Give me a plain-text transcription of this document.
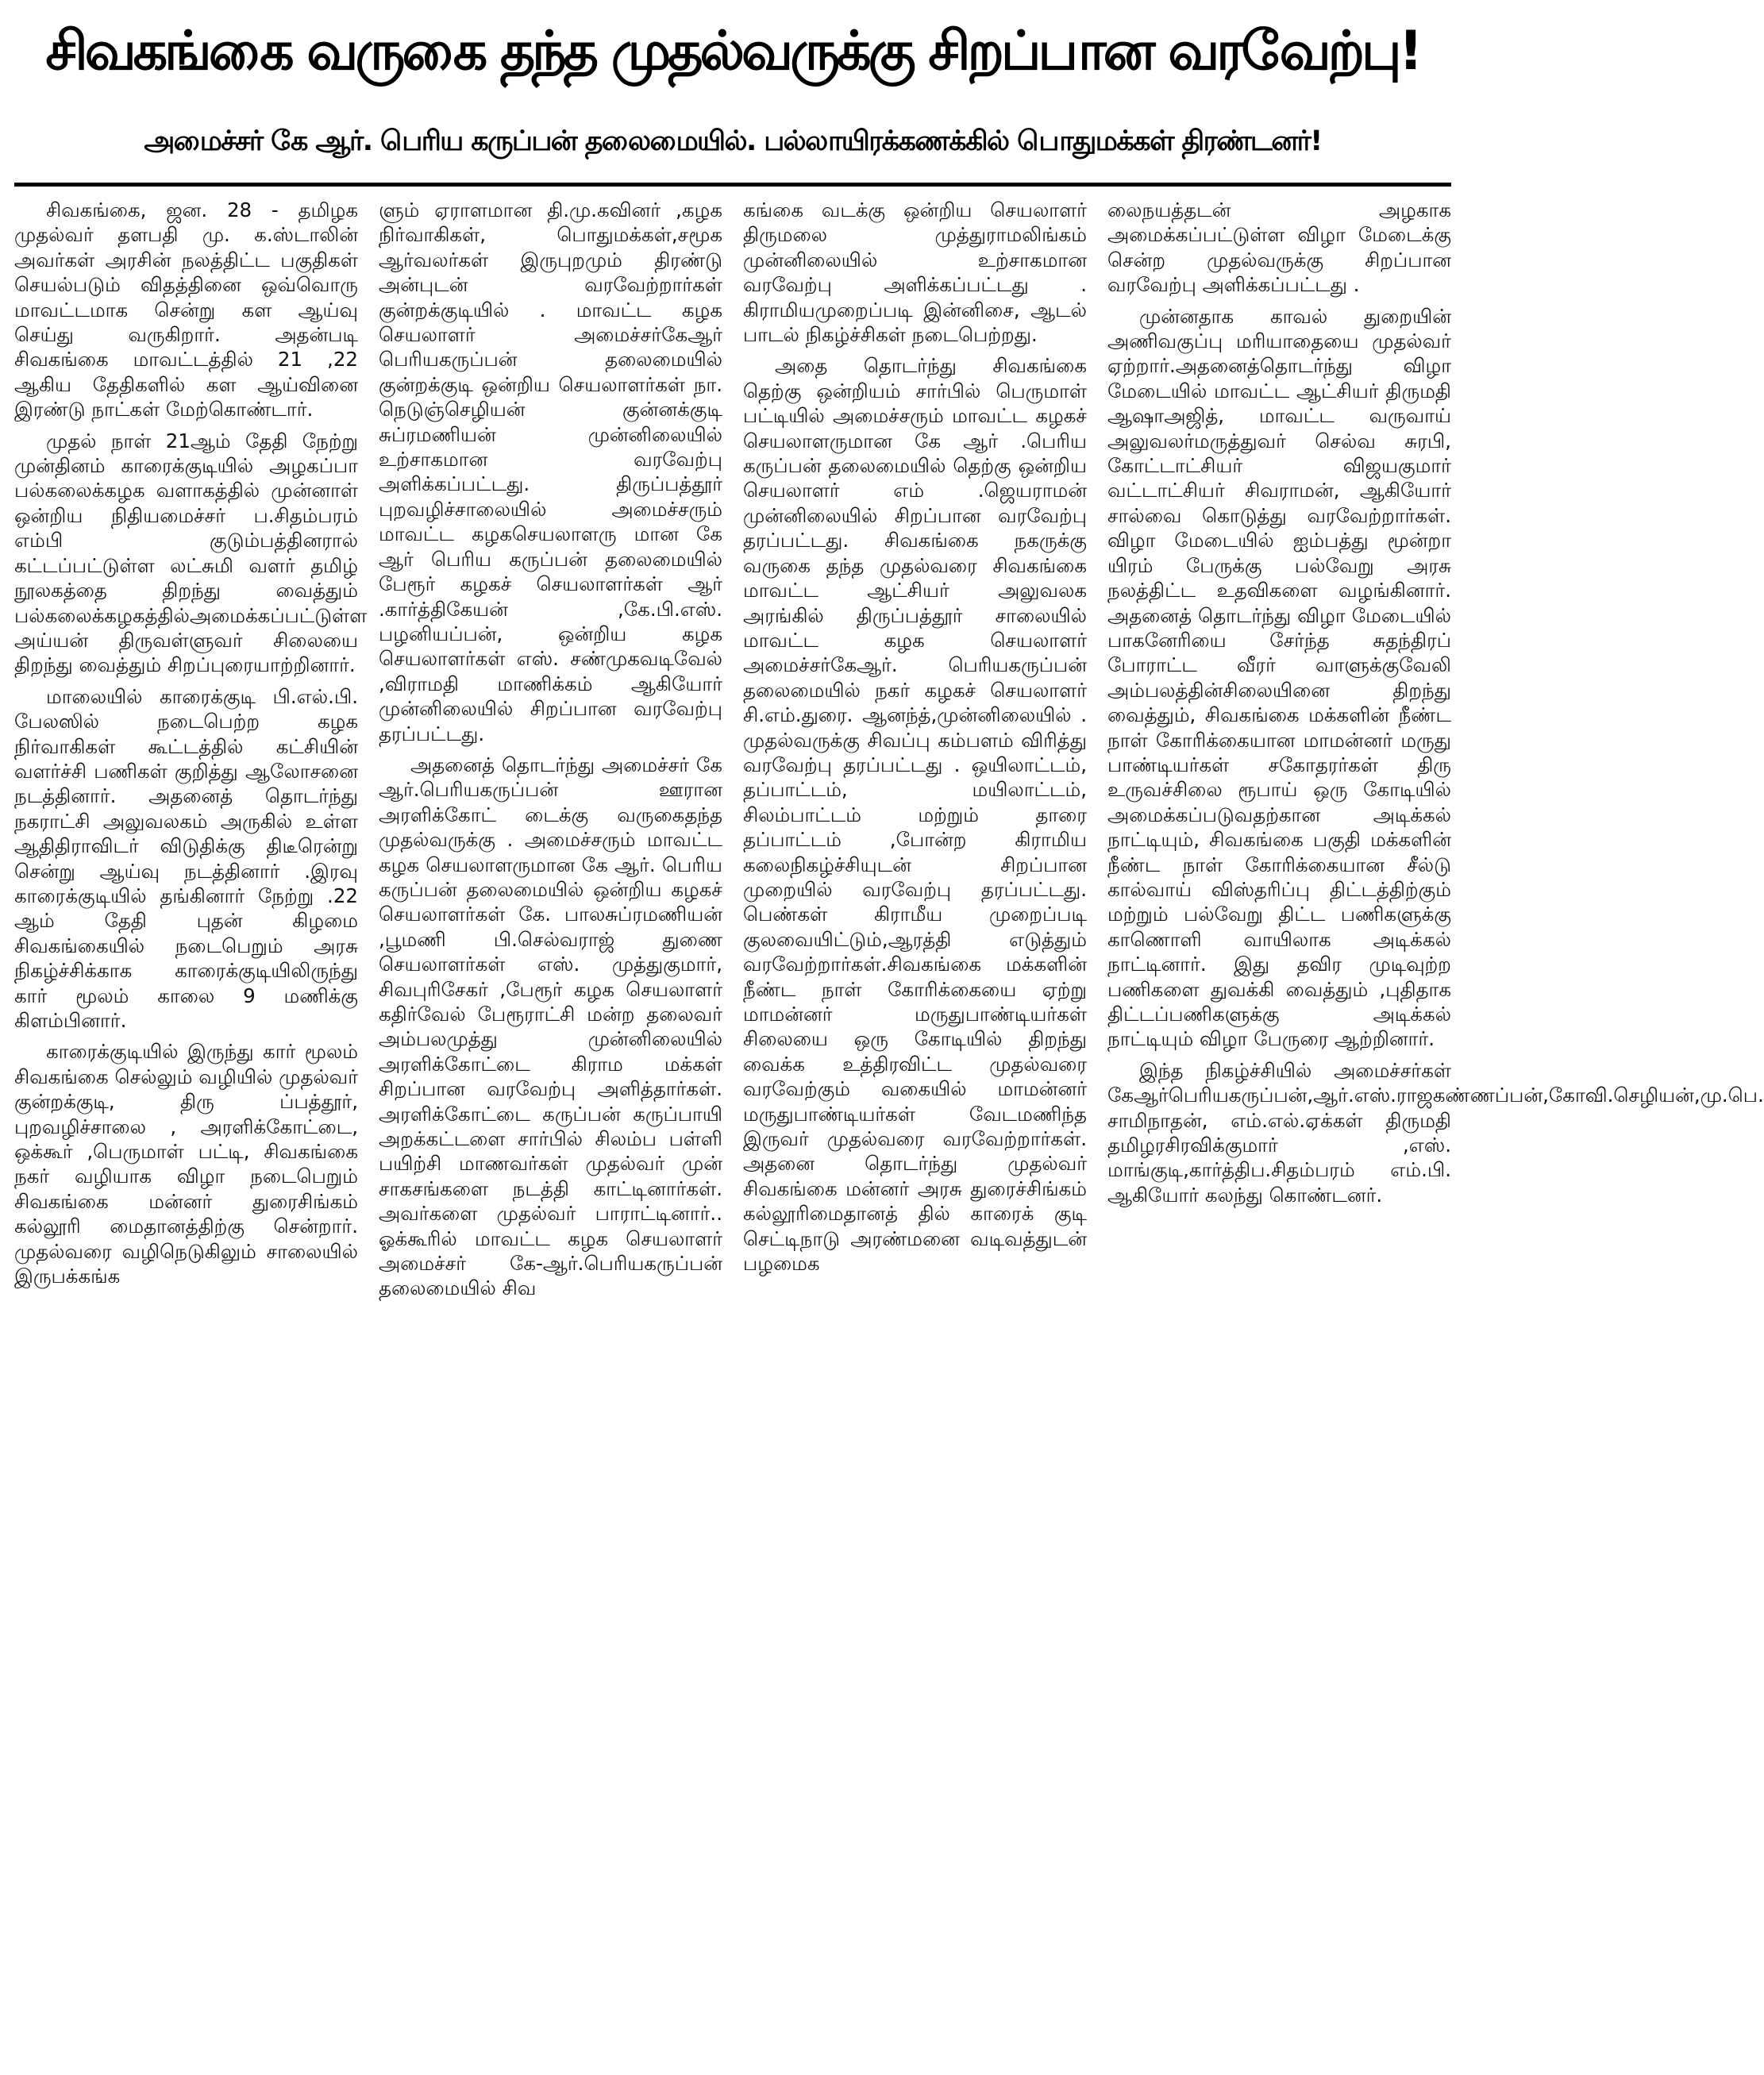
சிவகங்கை வருகை தந்த முதல்வருக்கு சிறப்பான வரவேற்பு!
அமைச்சர் கே ஆர். பெரிய கருப்பன் தலைமையில். பல்லாயிரக்கணக்கில் பொதுமக்கள் திரண்டனர்!

சிவகங்கை, ஜன. 28 - தமிழக முதல்வர் தளபதி மு. க.ஸ்டாலின் அவர்கள் அரசின் நலத்திட்ட பகுதிகள் செயல்படும் விதத்தினை ஒவ்வொரு மாவட்டமாக சென்று கள ஆய்வு செய்து வருகிறார். அதன்படி சிவகங்கை மாவட்டத்தில் 21 ,22 ஆகிய தேதிகளில் கள ஆய்வினை இரண்டு நாட்கள் மேற்கொண்டார்.

முதல் நாள் 21ஆம் தேதி நேற்று முன்தினம் காரைக்குடியில் அழகப்பா பல்கலைக்கழக வளாகத்தில் முன்னாள் ஒன்றிய நிதியமைச்சர் ப.சிதம்பரம் எம்பி குடும்பத்தினரால் கட்டப்பட்டுள்ள லட்சுமி வளர் தமிழ் நூலகத்தை திறந்து வைத்தும் பல்கலைக்கழகத்தில்அமைக்கப்பட்டுள்ள அய்யன் திருவள்ளுவர் சிலையை திறந்து வைத்தும் சிறப்புரையாற்றினார்.

மாலையில் காரைக்குடி பி.எல்.பி. பேலஸில் நடைபெற்ற கழக நிர்வாகிகள் கூட்டத்தில் கட்சியின் வளர்ச்சி பணிகள் குறித்து ஆலோசனை நடத்தினார். அதனைத் தொடர்ந்து நகராட்சி அலுவலகம் அருகில் உள்ள ஆதிதிராவிடர் விடுதிக்கு திடீரென்று சென்று ஆய்வு நடத்தினார் .இரவு காரைக்குடியில் தங்கினார் நேற்று .22 ஆம் தேதி புதன் கிழமை சிவகங்கையில் நடைபெறும் அரசு நிகழ்ச்சிக்காக காரைக்குடியிலிருந்து கார் மூலம் காலை 9 மணிக்கு கிளம்பினார்.

காரைக்குடியில் இருந்து கார் மூலம் சிவகங்கை செல்லும் வழியில் முதல்வர் குன்றக்குடி, திரு ப்பத்தூர், புறவழிச்சாலை , அரளிக்கோட்டை, ஒக்கூர் ,பெருமாள் பட்டி, சிவகங்கை நகர் வழியாக விழா நடைபெறும் சிவகங்கை மன்னர் துரைசிங்கம் கல்லூரி மைதானத்திற்கு சென்றார். முதல்வரை வழிநெடுகிலும் சாலையில் இருபக்கங்க

ளும் ஏராளமான தி.மு.கவினர் ,கழக நிர்வாகிகள், பொதுமக்கள்,சமூக ஆர்வலர்கள் இருபுறமும் திரண்டு அன்புடன் வரவேற்றார்கள் குன்றக்குடியில் . மாவட்ட கழக செயலாளர் அமைச்சர்கேஆர் பெரியகருப்பன் தலைமையில் குன்றக்குடி ஒன்றிய செயலாளர்கள் நா. நெடுஞ்செழியன் குன்னக்குடி சுப்ரமணியன் முன்னிலையில் உற்சாகமான வரவேற்பு அளிக்கப்பட்டது. திருப்பத்தூர் புறவழிச்சாலையில் அமைச்சரும் மாவட்ட கழகசெயலாளரு மான கே ஆர் பெரிய கருப்பன் தலைமையில் பேரூர் கழகச் செயலாளர்கள் ஆர் .கார்த்திகேயன் ,கே.பி.எஸ். பழனியப்பன், ஒன்றிய கழக செயலாளர்கள் எஸ். சண்முகவடிவேல் ,விராமதி மாணிக்கம் ஆகியோர் முன்னிலையில் சிறப்பான வரவேற்பு தரப்பட்டது.

அதனைத் தொடர்ந்து அமைச்சர் கே ஆர்.பெரியகருப்பன் ஊரான அரளிக்கோட் டைக்கு வருகைதந்த முதல்வருக்கு . அமைச்சரும் மாவட்ட கழக செயலாளருமான கே ஆர். பெரிய கருப்பன் தலைமையில் ஒன்றிய கழகச் செயலாளர்கள் கே. பாலசுப்ரமணியன் ,பூமணி பி.செல்வராஜ் துணை செயலாளர்கள் எஸ். முத்துகுமார், சிவபுரிசேகர் ,பேரூர் கழக செயலாளர் கதிர்வேல் பேரூராட்சி மன்ற தலைவர் அம்பலமுத்து முன்னிலையில் அரளிக்கோட்டை கிராம மக்கள் சிறப்பான வரவேற்பு அளித்தார்கள். அரளிக்கோட்டை கருப்பன் கருப்பாயி அறக்கட்டளை சார்பில் சிலம்ப பள்ளி பயிற்சி மாணவர்கள் முதல்வர் முன் சாகசங்களை நடத்தி காட்டினார்கள். அவர்களை முதல்வர் பாராட்டினார்.. ஓக்கூரில் மாவட்ட கழக செயலாளர் அமைச்சர் கே-ஆர்.பெரியகருப்பன் தலைமையில் சிவ

கங்கை வடக்கு ஒன்றிய செயலாளர் திருமலை முத்துராமலிங்கம் முன்னிலையில் உற்சாகமான வரவேற்பு அளிக்கப்பட்டது . கிராமியமுறைப்படி இன்னிசை, ஆடல் பாடல் நிகழ்ச்சிகள் நடைபெற்றது.

அதை தொடர்ந்து சிவகங்கை தெற்கு ஒன்றியம் சார்பில் பெருமாள் பட்டியில் அமைச்சரும் மாவட்ட கழகச் செயலாளருமான கே ஆர் .பெரிய கருப்பன் தலைமையில் தெற்கு ஒன்றிய செயலாளர் எம் .ஜெயராமன் முன்னிலையில் சிறப்பான வரவேற்பு தரப்பட்டது. சிவகங்கை நகருக்கு வருகை தந்த முதல்வரை சிவகங்கை மாவட்ட ஆட்சியர் அலுவலக அரங்கில் திருப்பத்தூர் சாலையில் மாவட்ட கழக செயலாளர் அமைச்சர்கேஆர். பெரியகருப்பன் தலைமையில் நகர் கழகச் செயலாளர் சி.எம்.துரை. ஆனந்த்,முன்னிலையில் . முதல்வருக்கு சிவப்பு கம்பளம் விரித்து வரவேற்பு தரப்பட்டது . ஒயிலாட்டம், தப்பாட்டம், மயிலாட்டம், சிலம்பாட்டம் மற்றும் தாரை தப்பாட்டம் ,போன்ற கிராமிய கலைநிகழ்ச்சியுடன் சிறப்பான முறையில் வரவேற்பு தரப்பட்டது. பெண்கள் கிராமீய முறைப்படி குலவையிட்டும்,ஆரத்தி எடுத்தும் வரவேற்றார்கள்.சிவகங்கை மக்களின் நீண்ட நாள் கோரிக்கையை ஏற்று மாமன்னர் மருதுபாண்டியர்கள் சிலையை ஒரு கோடியில் திறந்து வைக்க உத்திரவிட்ட முதல்வரை வரவேற்கும் வகையில் மாமன்னர் மருதுபாண்டியர்கள் வேடமணிந்த இருவர் முதல்வரை வரவேற்றார்கள். அதனை தொடர்ந்து முதல்வர் சிவகங்கை மன்னர் அரசு துரைச்சிங்கம் கல்லூரிமைதானத் தில் காரைக் குடி செட்டிநாடு அரண்மனை வடிவத்துடன் பழமைக

லைநயத்தடன் அழகாக அமைக்கப்பட்டுள்ள விழா மேடைக்கு சென்ற முதல்வருக்கு சிறப்பான வரவேற்பு அளிக்கப்பட்டது .

முன்னதாக காவல் துறையின் அணிவகுப்பு மரியாதையை முதல்வர் ஏற்றார்.அதனைத்தொடர்ந்து விழா மேடையில் மாவட்ட ஆட்சியர் திருமதி ஆஷாஅஜித், மாவட்ட வருவாய் அலுவலர்மருத்துவர் செல்வ சுரபி, கோட்டாட்சியர் விஜயகுமார் வட்டாட்சியர் சிவராமன், ஆகியோர் சால்வை கொடுத்து வரவேற்றார்கள். விழா மேடையில் ஐம்பத்து மூன்றா யிரம் பேருக்கு பல்வேறு அரசு நலத்திட்ட உதவிகளை வழங்கினார். அதனைத் தொடர்ந்து விழா மேடையில் பாகனேரியை சேர்ந்த சுதந்திரப் போராட்ட வீரர் வாளுக்குவேலி அம்பலத்தின்சிலையினை திறந்து வைத்தும், சிவகங்கை மக்களின் நீண்ட நாள் கோரிக்கையான மாமன்னர் மருது பாண்டியர்கள் சகோதரர்கள் திரு உருவச்சிலை ரூபாய் ஒரு கோடியில் அமைக்கப்படுவதற்கான அடிக்கல் நாட்டியும், சிவகங்கை பகுதி மக்களின் நீண்ட நாள் கோரிக்கையான சீல்டு கால்வாய் விஸ்தரிப்பு திட்டத்திற்கும் மற்றும் பல்வேறு திட்ட பணிகளுக்கு காணொளி வாயிலாக அடிக்கல் நாட்டினார். இது தவிர முடிவுற்ற பணிகளை துவக்கி வைத்தும் ,புதிதாக திட்டப்பணிகளுக்கு அடிக்கல் நாட்டியும் விழா பேருரை ஆற்றினார்.

இந்த நிகழ்ச்சியில் அமைச்சர்கள் கேஆர்பெரியகருப்பன்,ஆர்.எஸ்.ராஜகண்ணப்பன்,கோவி.செழியன்,மு.பெ. சாமிநாதன், எம்.எல்.ஏக்கள் திருமதி தமிழரசிரவிக்குமார் ,எஸ். மாங்குடி,கார்த்திப.சிதம்பரம் எம்.பி. ஆகியோர் கலந்து கொண்டனர்.
